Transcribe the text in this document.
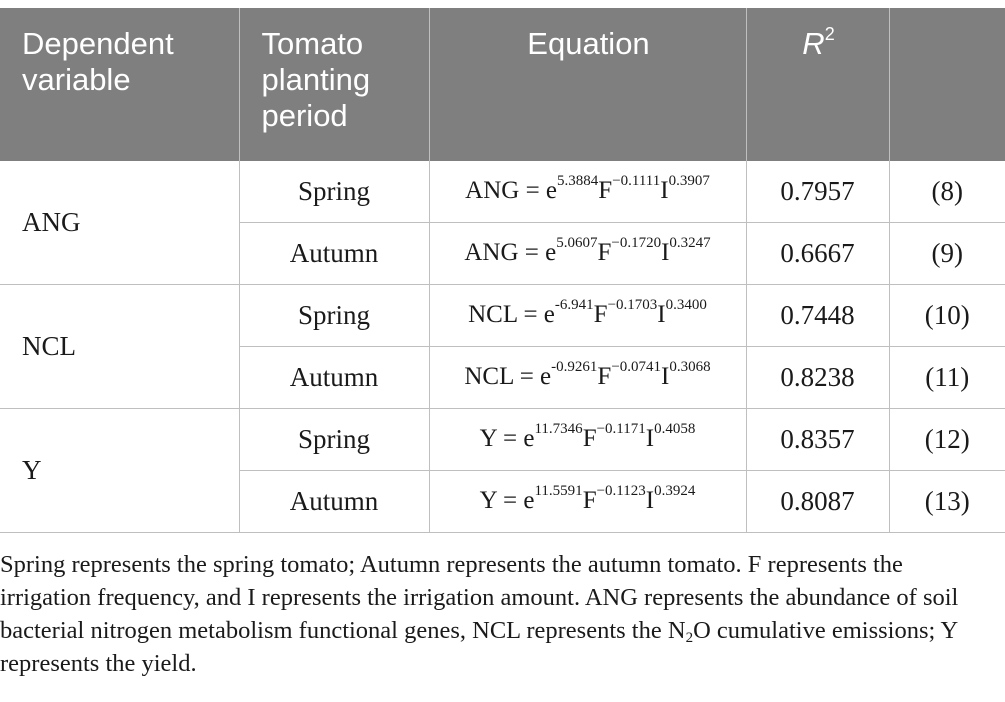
Dependent variable	Tomato planting period	Equation	$R^2$	
ANG	Spring	ANG = $e^{5.3884}F^{-0.1111}I^{0.3907}$	0.7957	(8)
	Autumn	ANG = $e^{5.0607}F^{-0.1720}I^{0.3247}$	0.6667	(9)
NCL	Spring	NCL = $e^{-6.941}F^{-0.1703}I^{0.3400}$	0.7448	(10)
	Autumn	NCL = $e^{-0.9261}F^{-0.0741}I^{0.3068}$	0.8238	(11)
Y	Spring	$Y = e^{11.7346}F^{-0.1171}I^{0.4058}$	0.8357	(12)
	Autumn	$Y = e^{11.5591}F^{-0.1123}I^{0.3924}$	0.8087	(13)

Spring represents the spring tomato; Autumn represents the autumn tomato. F represents the irrigation frequency, and I represents the irrigation amount. ANG represents the abundance of soil bacterial nitrogen metabolism functional genes, NCL represents the $N_2O$ cumulative emissions; Y represents the yield.
